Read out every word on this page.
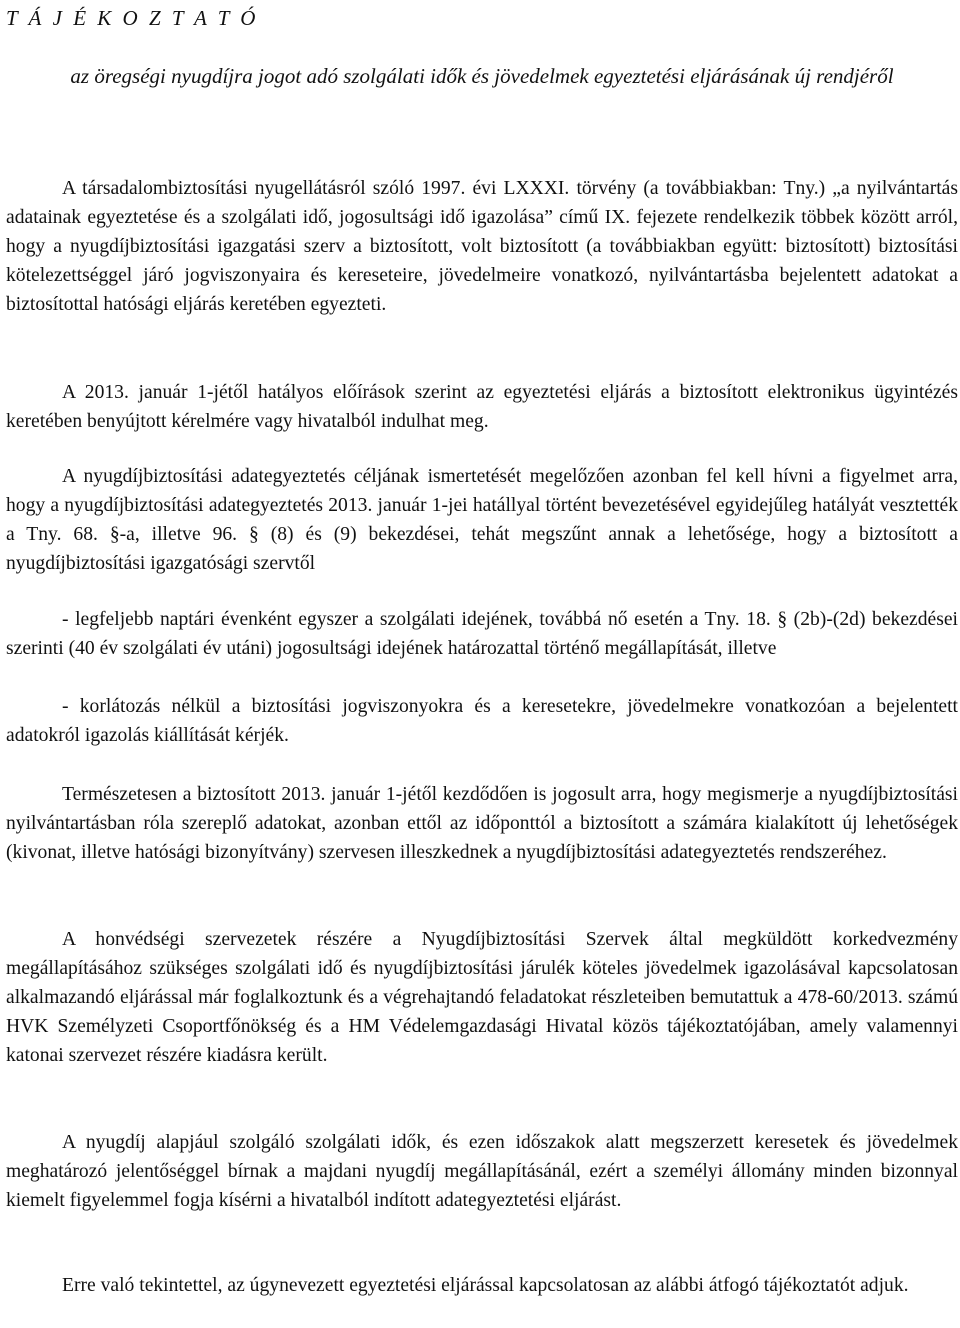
T Á J É K O Z T A T Ó
az öregségi nyugdíjra jogot adó szolgálati idők és jövedelmek egyeztetési eljárásának új rendjéről

A társadalombiztosítási nyugellátásról szóló 1997. évi LXXXI. törvény (a továbbiakban: Tny.) „a nyilvántartás adatainak egyeztetése és a szolgálati idő, jogosultsági idő igazolása” című IX. fejezete rendelkezik többek között arról, hogy a nyugdíjbiztosítási igazgatási szerv a biztosított, volt biztosított (a továbbiakban együtt: biztosított) biztosítási kötelezettséggel járó jogviszonyaira és kereseteire, jövedelmeire vonatkozó, nyilvántartásba bejelentett adatokat a biztosítottal hatósági eljárás keretében egyezteti.

A 2013. január 1-jétől hatályos előírások szerint az egyeztetési eljárás a biztosított elektronikus ügyintézés keretében benyújtott kérelmére vagy hivatalból indulhat meg.

A nyugdíjbiztosítási adategyeztetés céljának ismertetését megelőzően azonban fel kell hívni a figyelmet arra, hogy a nyugdíjbiztosítási adategyeztetés 2013. január 1-jei hatállyal történt bevezetésével egyidejűleg hatályát vesztették a Tny. 68. §-a, illetve 96. § (8) és (9) bekezdései, tehát megszűnt annak a lehetősége, hogy a biztosított a nyugdíjbiztosítási igazgatósági szervtől

- legfeljebb naptári évenként egyszer a szolgálati idejének, továbbá nő esetén a Tny. 18. § (2b)-(2d) bekezdései szerinti (40 év szolgálati év utáni) jogosultsági idejének határozattal történő megállapítását, illetve

- korlátozás nélkül a biztosítási jogviszonyokra és a keresetekre, jövedelmekre vonatkozóan a bejelentett adatokról igazolás kiállítását kérjék.

Természetesen a biztosított 2013. január 1-jétől kezdődően is jogosult arra, hogy megismerje a nyugdíjbiztosítási nyilvántartásban róla szereplő adatokat, azonban ettől az időponttól a biztosított a számára kialakított új lehetőségek (kivonat, illetve hatósági bizonyítvány) szervesen illeszkednek a nyugdíjbiztosítási adategyeztetés rendszeréhez.

A honvédségi szervezetek részére a Nyugdíjbiztosítási Szervek által megküldött korkedvezmény megállapításához szükséges szolgálati idő és nyugdíjbiztosítási járulék köteles jövedelmek igazolásával kapcsolatosan alkalmazandó eljárással már foglalkoztunk és a végrehajtandó feladatokat részleteiben bemutattuk a 478-60/2013. számú HVK Személyzeti Csoportfőnökség és a HM Védelemgazdasági Hivatal közös tájékoztatójában, amely valamennyi katonai szervezet részére kiadásra került.

A nyugdíj alapjául szolgáló szolgálati idők, és ezen időszakok alatt megszerzett keresetek és jövedelmek meghatározó jelentőséggel bírnak a majdani nyugdíj megállapításánál, ezért a személyi állomány minden bizonnyal kiemelt figyelemmel fogja kísérni a hivatalból indított adategyeztetési eljárást.

Erre való tekintettel, az úgynevezett egyeztetési eljárással kapcsolatosan az alábbi átfogó tájékoztatót adjuk.
